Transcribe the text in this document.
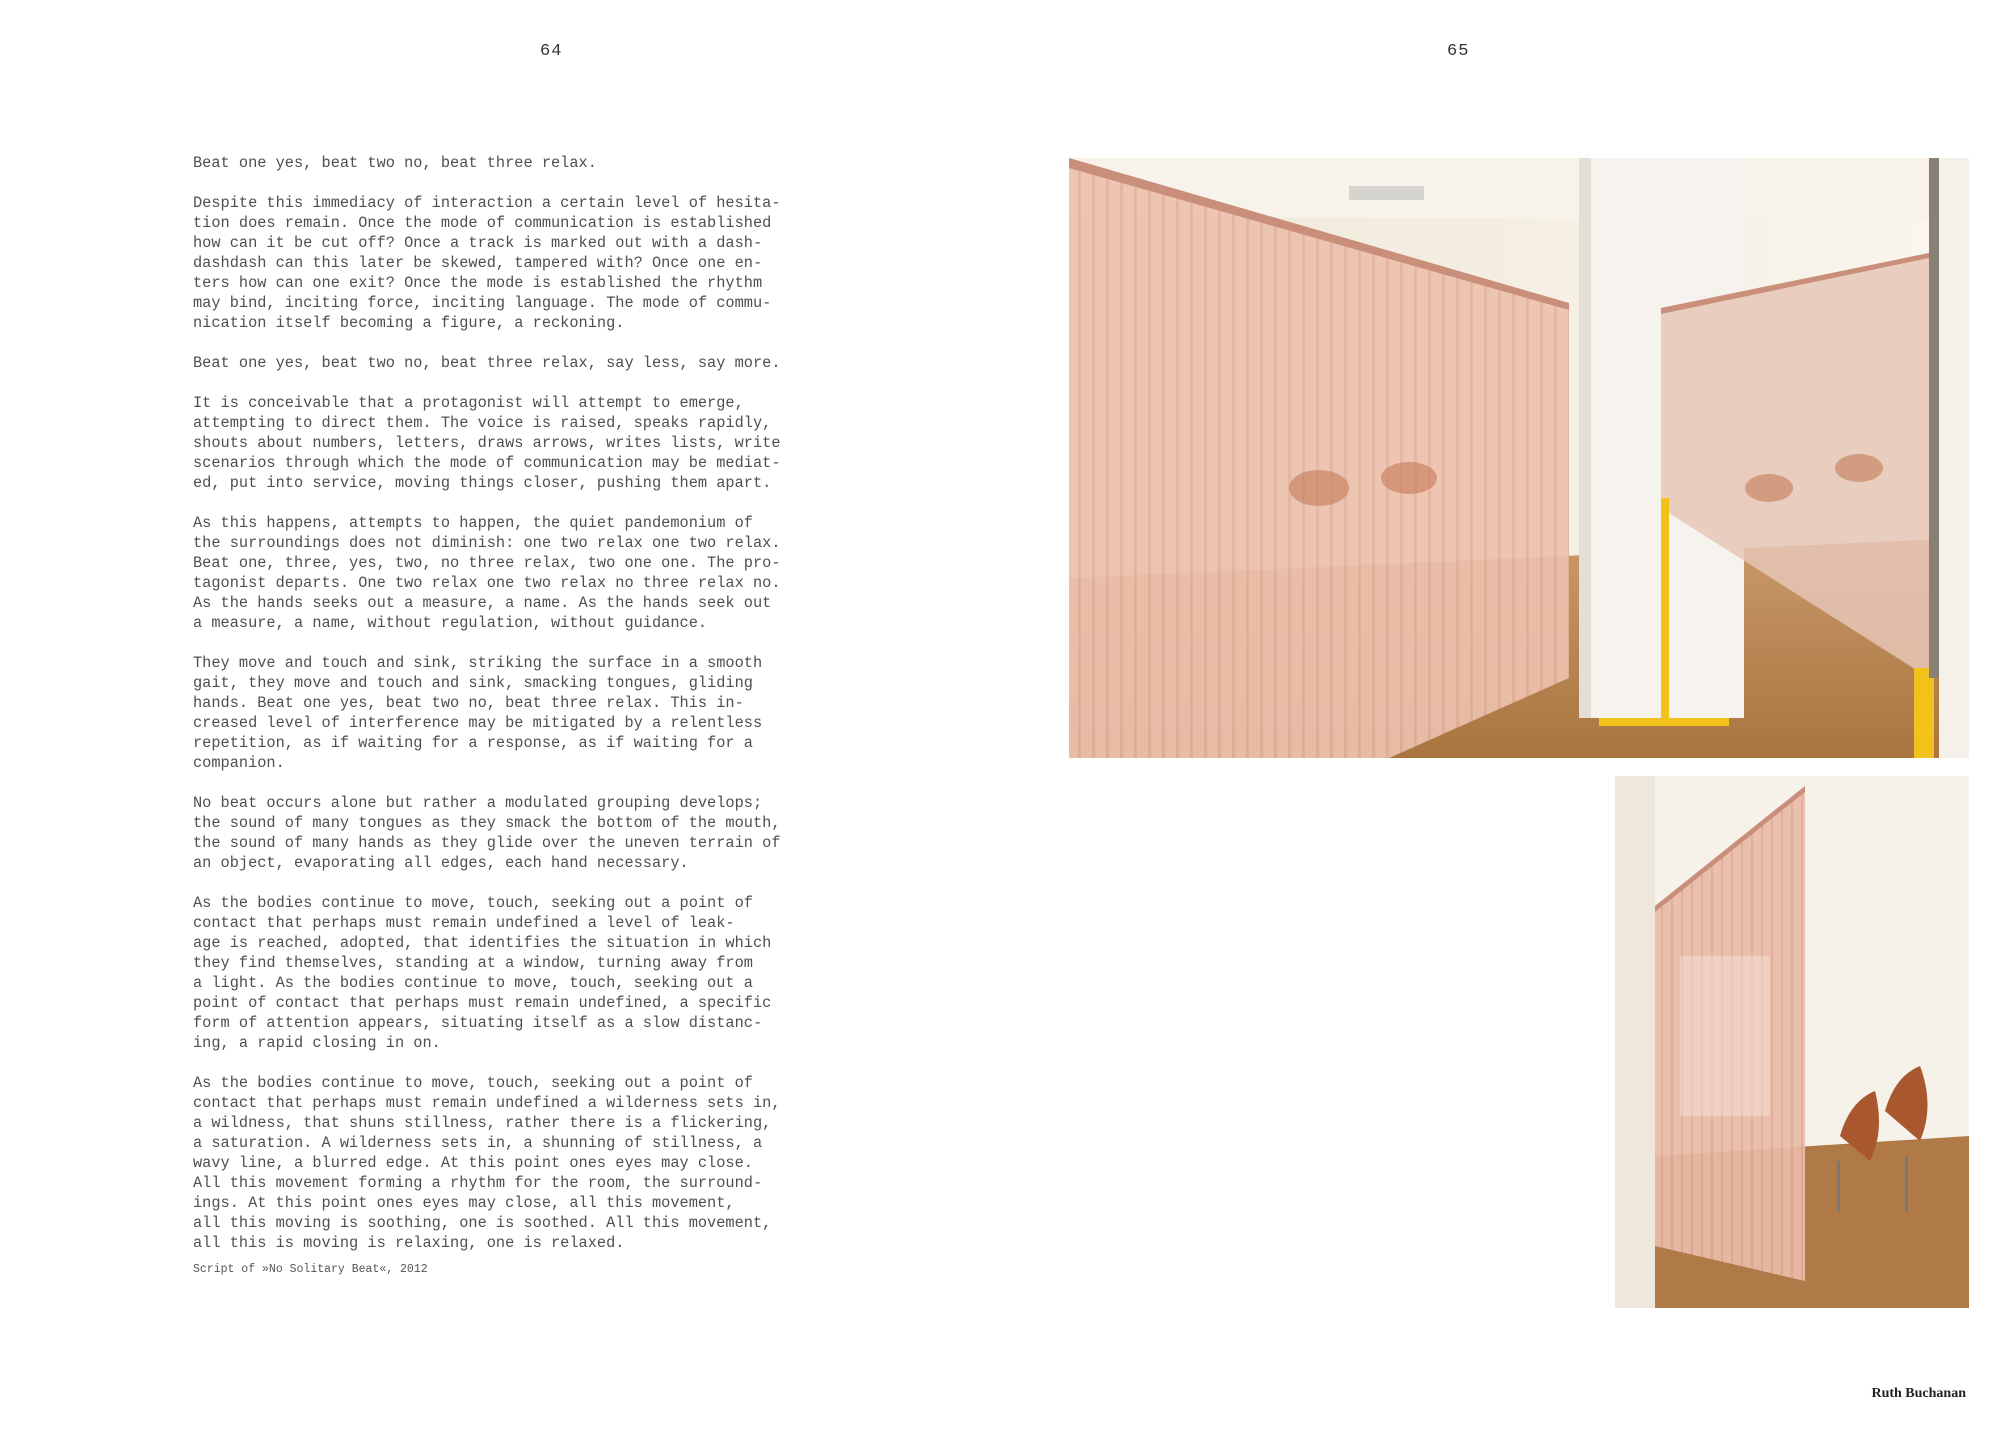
64	65

Beat one yes, beat two no, beat three relax.

Despite this immediacy of interaction a certain level of hesita-
tion does remain. Once the mode of communication is established
how can it be cut off? Once a track is marked out with a dash-
dashdash can this later be skewed, tampered with? Once one en-
ters how can one exit? Once the mode is established the rhythm
may bind, inciting force, inciting language. The mode of commu-
nication itself becoming a figure, a reckoning.

Beat one yes, beat two no, beat three relax, say less, say more.

It is conceivable that a protagonist will attempt to emerge,
attempting to direct them. The voice is raised, speaks rapidly,
shouts about numbers, letters, draws arrows, writes lists, write
scenarios through which the mode of communication may be mediat-
ed, put into service, moving things closer, pushing them apart.

As this happens, attempts to happen, the quiet pandemonium of
the surroundings does not diminish: one two relax one two relax.
Beat one, three, yes, two, no three relax, two one one. The pro-
tagonist departs. One two relax one two relax no three relax no.
As the hands seeks out a measure, a name. As the hands seek out
a measure, a name, without regulation, without guidance.

They move and touch and sink, striking the surface in a smooth
gait, they move and touch and sink, smacking tongues, gliding
hands. Beat one yes, beat two no, beat three relax. This in-
creased level of interference may be mitigated by a relentless
repetition, as if waiting for a response, as if waiting for a
companion.

No beat occurs alone but rather a modulated grouping develops;
the sound of many tongues as they smack the bottom of the mouth,
the sound of many hands as they glide over the uneven terrain of
an object, evaporating all edges, each hand necessary.

As the bodies continue to move, touch, seeking out a point of
contact that perhaps must remain undefined a level of leak-
age is reached, adopted, that identifies the situation in which
they find themselves, standing at a window, turning away from
a light. As the bodies continue to move, touch, seeking out a
point of contact that perhaps must remain undefined, a specific
form of attention appears, situating itself as a slow distanc-
ing, a rapid closing in on.

As the bodies continue to move, touch, seeking out a point of
contact that perhaps must remain undefined a wilderness sets in,
a wildness, that shuns stillness, rather there is a flickering,
a saturation. A wilderness sets in, a shunning of stillness, a
wavy line, a blurred edge. At this point ones eyes may close.
All this movement forming a rhythm for the room, the surround-
ings. At this point ones eyes may close, all this movement,
all this moving is soothing, one is soothed. All this movement,
all this is moving is relaxing, one is relaxed.

Script of »No Solitary Beat«, 2012
Ruth Buchanan
